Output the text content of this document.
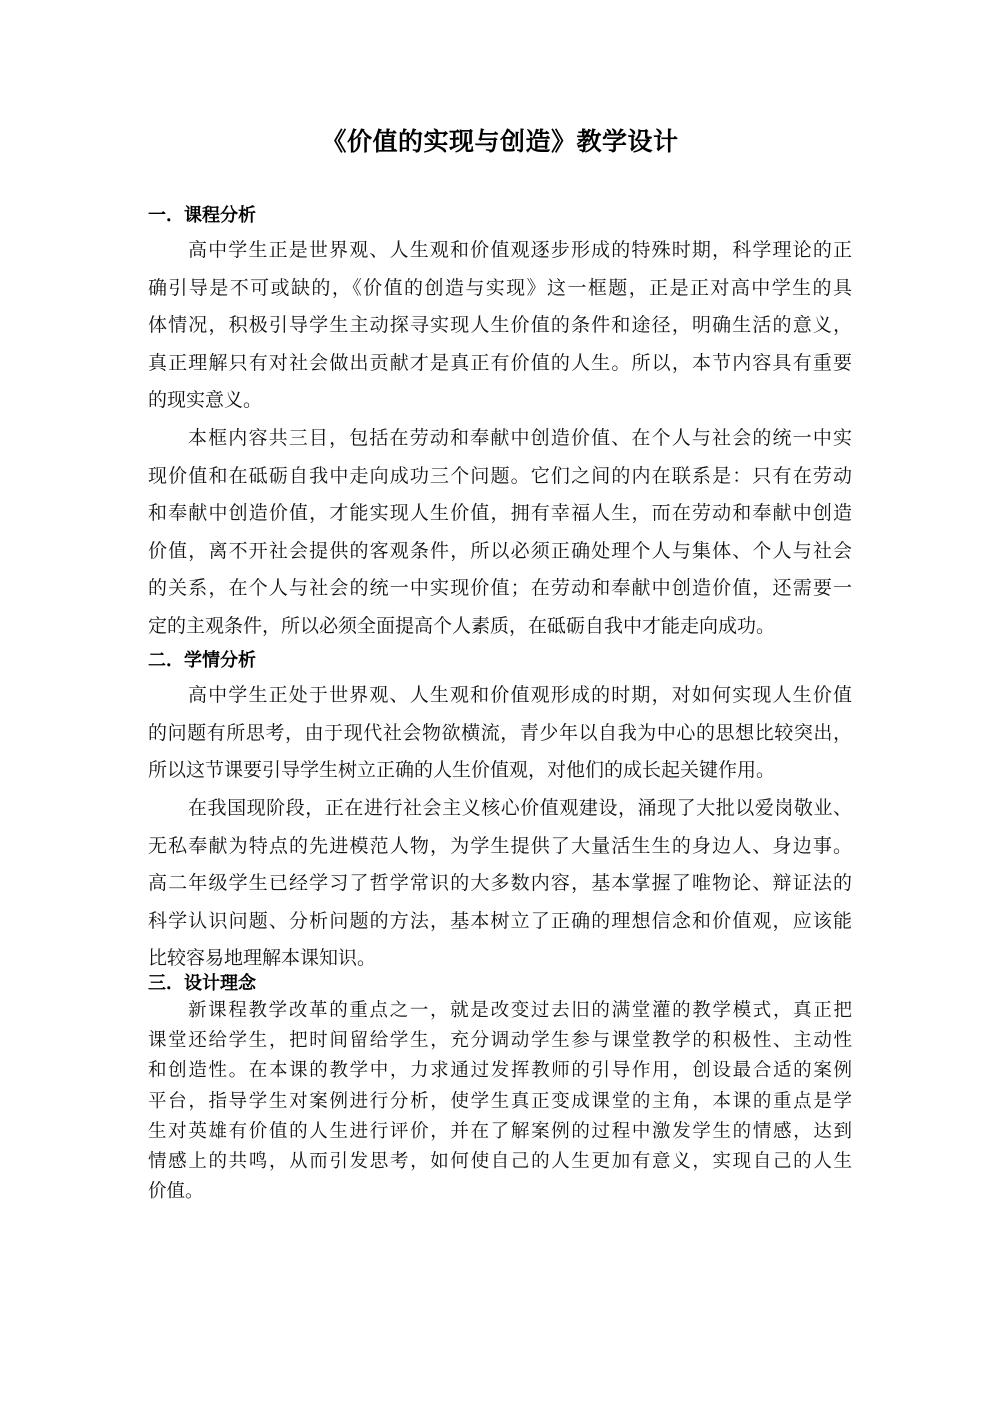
《价值的实现与创造》教学设计
一．课程分析
高中学生正是世界观、人生观和价值观逐步形成的特殊时期，科学理论的正
确引导是不可或缺的，《价值的创造与实现》这一框题，正是正对高中学生的具
体情况，积极引导学生主动探寻实现人生价值的条件和途径，明确生活的意义，
真正理解只有对社会做出贡献才是真正有价值的人生。所以，本节内容具有重要
的现实意义。
本框内容共三目，包括在劳动和奉献中创造价值、在个人与社会的统一中实
现价值和在砥砺自我中走向成功三个问题。它们之间的内在联系是：只有在劳动
和奉献中创造价值，才能实现人生价值，拥有幸福人生，而在劳动和奉献中创造
价值，离不开社会提供的客观条件，所以必须正确处理个人与集体、个人与社会
的关系，在个人与社会的统一中实现价值；在劳动和奉献中创造价值，还需要一
定的主观条件，所以必须全面提高个人素质，在砥砺自我中才能走向成功。
二．学情分析
高中学生正处于世界观、人生观和价值观形成的时期，对如何实现人生价值
的问题有所思考，由于现代社会物欲横流，青少年以自我为中心的思想比较突出，
所以这节课要引导学生树立正确的人生价值观，对他们的成长起关键作用。
在我国现阶段，正在进行社会主义核心价值观建设，涌现了大批以爱岗敬业、
无私奉献为特点的先进模范人物，为学生提供了大量活生生的身边人、身边事。
高二年级学生已经学习了哲学常识的大多数内容，基本掌握了唯物论、辩证法的
科学认识问题、分析问题的方法，基本树立了正确的理想信念和价值观，应该能
比较容易地理解本课知识。
三．设计理念
新课程教学改革的重点之一，就是改变过去旧的满堂灌的教学模式，真正把
课堂还给学生，把时间留给学生，充分调动学生参与课堂教学的积极性、主动性
和创造性。在本课的教学中，力求通过发挥教师的引导作用，创设最合适的案例
平台，指导学生对案例进行分析，使学生真正变成课堂的主角，本课的重点是学
生对英雄有价值的人生进行评价，并在了解案例的过程中激发学生的情感，达到
情感上的共鸣，从而引发思考，如何使自己的人生更加有意义，实现自己的人生
价值。
